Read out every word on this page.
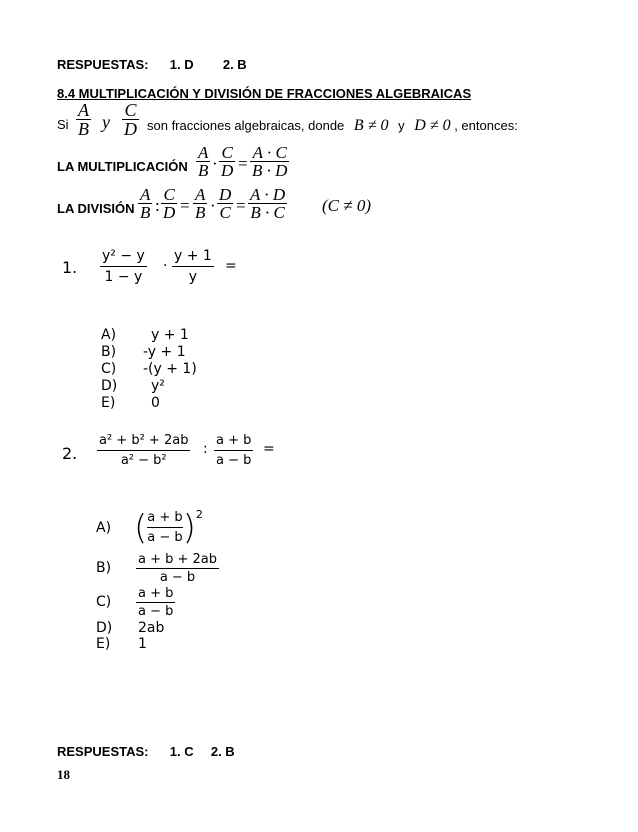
RESPUESTAS: 1. D 2. B
8.4 MULTIPLICACIÓN Y DIVISIÓN DE FRACCIONES ALGEBRAICAS
Si
A
B y
C
D son fracciones algebraicas, donde B ≠ 0 y D ≠ 0 , entonces:
LA MULTIPLICACIÓN
A
B ·
C
D =
A · C
B · D
LA DIVISIÓN
A
B :
C
D =
A
B ·
D
C =
A · D
B · C (C ≠ 0)
1.
y² − y
1 − y
·
y + 1
y
=
A) y + 1
B) -y + 1
C) -(y + 1)
D) y²
E)	0
2.
a² + b² + 2ab
a² − b²
:
a + b
a − b
=
A) ( a + b
a − b ) 2
B)
a + b + 2ab
a − b
C)
a + b
a − b
D) 2ab
E) 1
RESPUESTAS: 1. C 2. B
18
